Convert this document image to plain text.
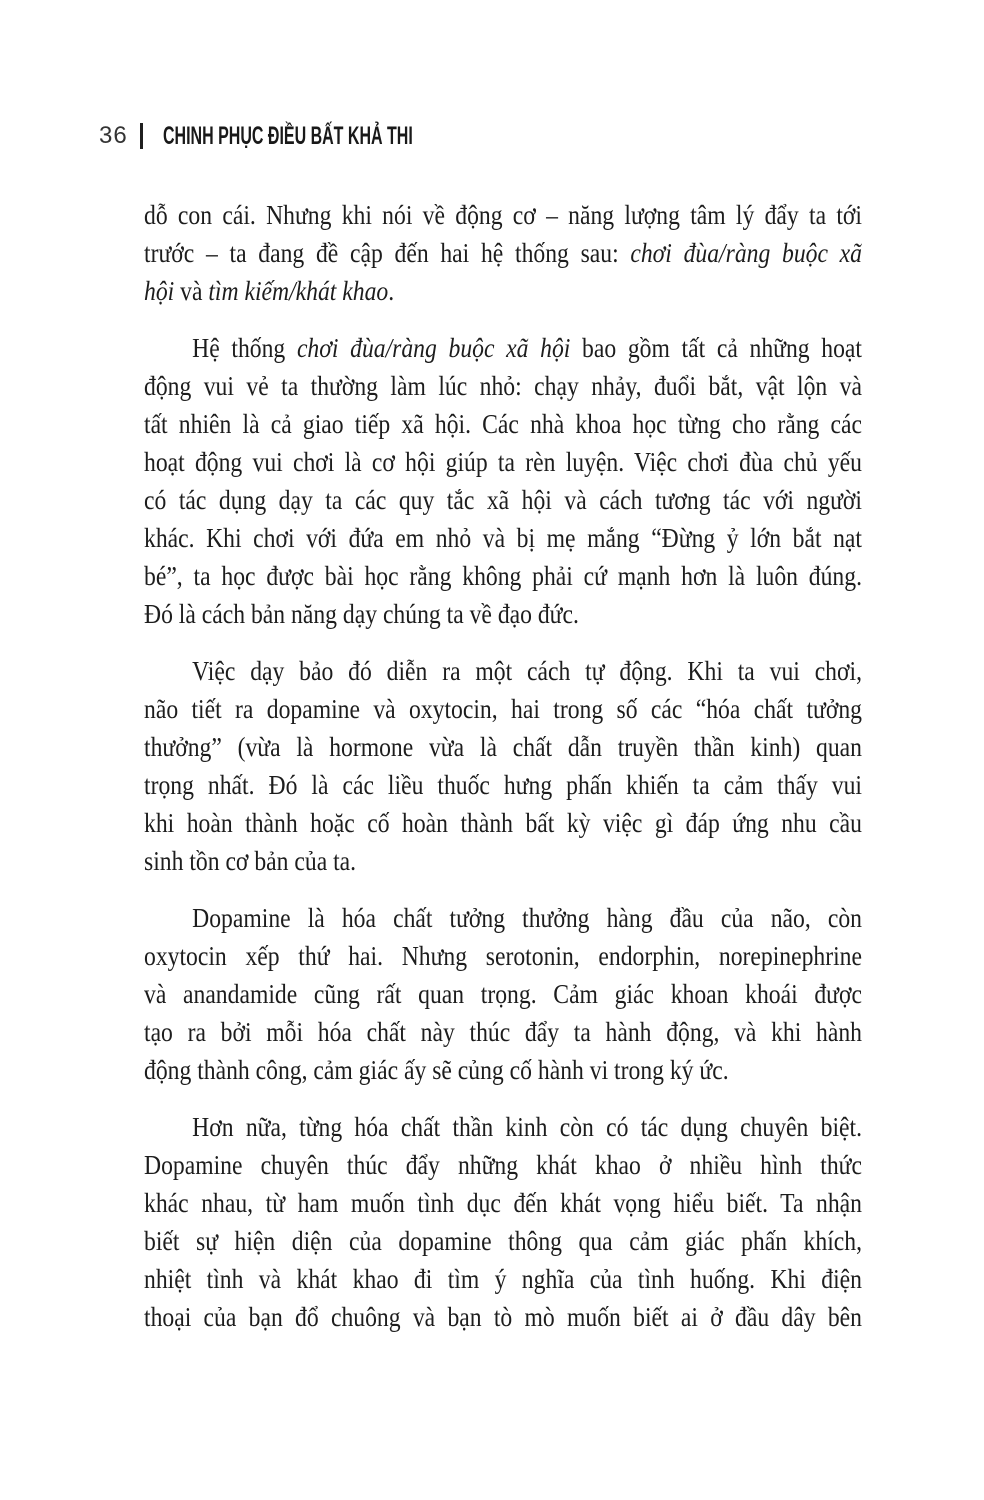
36 CHINH PHỤC ĐIỀU BẤT KHẢ THI

dỗ con cái. Nhưng khi nói về động cơ – năng lượng tâm lý đẩy ta tới
trước – ta đang đề cập đến hai hệ thống sau: chơi đùa/ràng buộc xã
hội và tìm kiếm/khát khao.

Hệ thống chơi đùa/ràng buộc xã hội bao gồm tất cả những hoạt
động vui vẻ ta thường làm lúc nhỏ: chạy nhảy, đuổi bắt, vật lộn và
tất nhiên là cả giao tiếp xã hội. Các nhà khoa học từng cho rằng các
hoạt động vui chơi là cơ hội giúp ta rèn luyện. Việc chơi đùa chủ yếu
có tác dụng dạy ta các quy tắc xã hội và cách tương tác với người
khác. Khi chơi với đứa em nhỏ và bị mẹ mắng “Đừng ỷ lớn bắt nạt
bé”, ta học được bài học rằng không phải cứ mạnh hơn là luôn đúng.
Đó là cách bản năng dạy chúng ta về đạo đức.

Việc dạy bảo đó diễn ra một cách tự động. Khi ta vui chơi,
não tiết ra dopamine và oxytocin, hai trong số các “hóa chất tưởng
thưởng” (vừa là hormone vừa là chất dẫn truyền thần kinh) quan
trọng nhất. Đó là các liều thuốc hưng phấn khiến ta cảm thấy vui
khi hoàn thành hoặc cố hoàn thành bất kỳ việc gì đáp ứng nhu cầu
sinh tồn cơ bản của ta.

Dopamine là hóa chất tưởng thưởng hàng đầu của não, còn
oxytocin xếp thứ hai. Nhưng serotonin, endorphin, norepinephrine
và anandamide cũng rất quan trọng. Cảm giác khoan khoái được
tạo ra bởi mỗi hóa chất này thúc đẩy ta hành động, và khi hành
động thành công, cảm giác ấy sẽ củng cố hành vi trong ký ức.

Hơn nữa, từng hóa chất thần kinh còn có tác dụng chuyên biệt.
Dopamine chuyên thúc đẩy những khát khao ở nhiều hình thức
khác nhau, từ ham muốn tình dục đến khát vọng hiểu biết. Ta nhận
biết sự hiện diện của dopamine thông qua cảm giác phấn khích,
nhiệt tình và khát khao đi tìm ý nghĩa của tình huống. Khi điện
thoại của bạn đổ chuông và bạn tò mò muốn biết ai ở đầu dây bên
